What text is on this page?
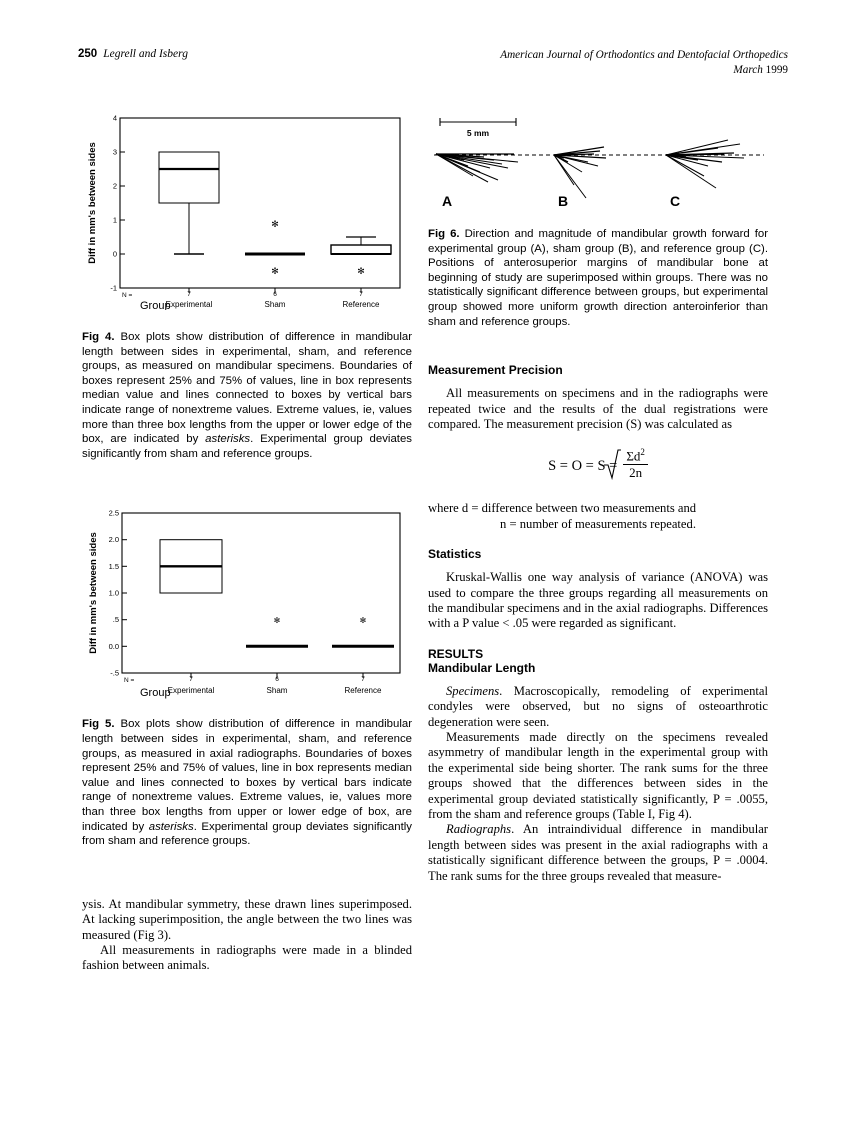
250 Legrell and Isberg	American Journal of Orthodontics and Dentofacial Orthopedics
March 1999
-1
0
1
2
3
4
Diff in mm's between sides	✻
✻	✻
N =	7	6	7
Experimental	Sham	Reference
Group
Fig 4. Box plots show distribution of difference in mandibular length between sides in experimental, sham, and reference groups, as measured on mandibular specimens. Boundaries of boxes represent 25% and 75% of values, line in box represents median value and lines connected to boxes by vertical bars indicate range of nonextreme values. Extreme values, ie, values more than three box lengths from the upper or lower edge of the box, are indicated by asterisks. Experimental group deviates significantly from sham and reference groups.
2.5
2.0
1.5
1.0
.5
0.0
-.5
Diff in mm's between sides	✻	✻
N =	7	6	7
Experimental	Sham	Reference
Group
Fig 5. Box plots show distribution of difference in mandibular length between sides in experimental, sham, and reference groups, as measured in axial radiographs. Boundaries of boxes represent 25% and 75% of values, line in box represents median value and lines connected to boxes by vertical bars indicate range of nonextreme values. Extreme values, ie, values more than three box lengths from upper or lower edge of box, are indicated by asterisks. Experimental group deviates significantly from sham and reference groups.

ysis. At mandibular symmetry, these drawn lines superimposed. At lacking superimposition, the angle between the two lines was measured (Fig 3).

All measurements in radiographs were made in a blinded fashion between animals.

5 mm
A	B	C
Fig 6. Direction and magnitude of mandibular growth forward for experimental group (A), sham group (B), and reference group (C). Positions of anterosuperior margins of mandibular bone at beginning of study are superimposed within groups. There was no statistically significant difference between groups, but experimental group showed more uniform growth direction anteroinferior than sham and reference groups.
Measurement Precision

All measurements on specimens and in the radiographs were repeated twice and the results of the dual registrations were compared. The measurement precision (S) was calculated as

$S = O = S = \frac{\Sigma d^2}{2n}$
where d = difference between two measurements and
n = number of measurements repeated.
Statistics

Kruskal-Wallis one way analysis of variance (ANOVA) was used to compare the three groups regarding all measurements on the mandibular specimens and in the axial radiographs. Differences with a P value < .05 were regarded as significant.

RESULTS
Mandibular Length

Specimens. Macroscopically, remodeling of experimental condyles were observed, but no signs of osteoarthrotic degeneration were seen.

Measurements made directly on the specimens revealed asymmetry of mandibular length in the experimental group with the experimental side being shorter. The rank sums for the three groups showed that the differences between sides in the experimental group deviated statistically significantly, P = .0055, from the sham and reference groups (Table I, Fig 4).

Radiographs. An intraindividual difference in mandibular length between sides was present in the axial radiographs with a statistically significant difference between the groups, P = .0004. The rank sums for the three groups revealed that measure-
